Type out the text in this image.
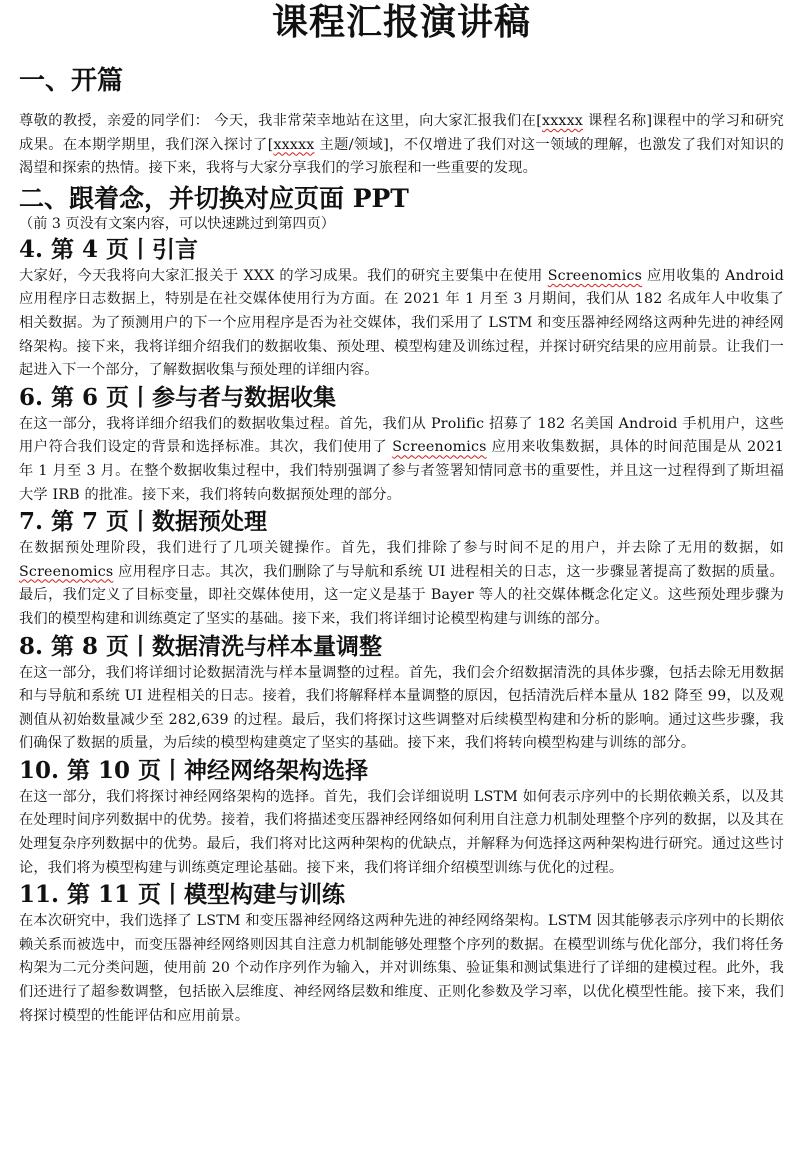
课程汇报演讲稿
一、开篇

尊敬的教授，亲爱的同学们： 今天，我非常荣幸地站在这里，向大家汇报我们在[xxxxx 课程名称]课程中的学习和研究成果。在本期学期里，我们深入探讨了[xxxxx 主题/领域]，不仅增进了我们对这一领域的理解，也激发了我们对知识的渴望和探索的热情。接下来，我将与大家分享我们的学习旅程和一些重要的发现。

二、跟着念，并切换对应页面 PPT

（前 3 页没有文案内容，可以快速跳过到第四页）

4. 第 4 页丨引言

大家好，今天我将向大家汇报关于 XXX 的学习成果。我们的研究主要集中在使用 Screenomics 应用收集的 Android 应用程序日志数据上，特别是在社交媒体使用行为方面。在 2021 年 1 月至 3 月期间，我们从 182 名成年人中收集了相关数据。为了预测用户的下一个应用程序是否为社交媒体，我们采用了 LSTM 和变压器神经网络这两种先进的神经网络架构。接下来，我将详细介绍我们的数据收集、预处理、模型构建及训练过程，并探讨研究结果的应用前景。让我们一起进入下一个部分，了解数据收集与预处理的详细内容。

6. 第 6 页丨参与者与数据收集

在这一部分，我将详细介绍我们的数据收集过程。首先，我们从 Prolific 招募了 182 名美国 Android 手机用户，这些用户符合我们设定的背景和选择标准。其次，我们使用了 Screenomics 应用来收集数据，具体的时间范围是从 2021 年 1 月至 3 月。在整个数据收集过程中，我们特别强调了参与者签署知情同意书的重要性，并且这一过程得到了斯坦福大学 IRB 的批准。接下来，我们将转向数据预处理的部分。

7. 第 7 页丨数据预处理

在数据预处理阶段，我们进行了几项关键操作。首先，我们排除了参与时间不足的用户，并去除了无用的数据，如 Screenomics 应用程序日志。其次，我们删除了与导航和系统 UI 进程相关的日志，这一步骤显著提高了数据的质量。最后，我们定义了目标变量，即社交媒体使用，这一定义是基于 Bayer 等人的社交媒体概念化定义。这些预处理步骤为我们的模型构建和训练奠定了坚实的基础。接下来，我们将详细讨论模型构建与训练的部分。

8. 第 8 页丨数据清洗与样本量调整

在这一部分，我们将详细讨论数据清洗与样本量调整的过程。首先，我们会介绍数据清洗的具体步骤，包括去除无用数据和与导航和系统 UI 进程相关的日志。接着，我们将解释样本量调整的原因，包括清洗后样本量从 182 降至 99，以及观测值从初始数量减少至 282,639 的过程。最后，我们将探讨这些调整对后续模型构建和分析的影响。通过这些步骤，我们确保了数据的质量，为后续的模型构建奠定了坚实的基础。接下来，我们将转向模型构建与训练的部分。

10. 第 10 页丨神经网络架构选择

在这一部分，我们将探讨神经网络架构的选择。首先，我们会详细说明 LSTM 如何表示序列中的长期依赖关系，以及其在处理时间序列数据中的优势。接着，我们将描述变压器神经网络如何利用自注意力机制处理整个序列的数据，以及其在处理复杂序列数据中的优势。最后，我们将对比这两种架构的优缺点，并解释为何选择这两种架构进行研究。通过这些讨论，我们将为模型构建与训练奠定理论基础。接下来，我们将详细介绍模型训练与优化的过程。

11. 第 11 页丨模型构建与训练

在本次研究中，我们选择了 LSTM 和变压器神经网络这两种先进的神经网络架构。LSTM 因其能够表示序列中的长期依赖关系而被选中，而变压器神经网络则因其自注意力机制能够处理整个序列的数据。在模型训练与优化部分，我们将任务构架为二元分类问题，使用前 20 个动作序列作为输入，并对训练集、验证集和测试集进行了详细的建模过程。此外，我们还进行了超参数调整，包括嵌入层维度、神经网络层数和维度、正则化参数及学习率，以优化模型性能。接下来，我们将探讨模型的性能评估和应用前景。
